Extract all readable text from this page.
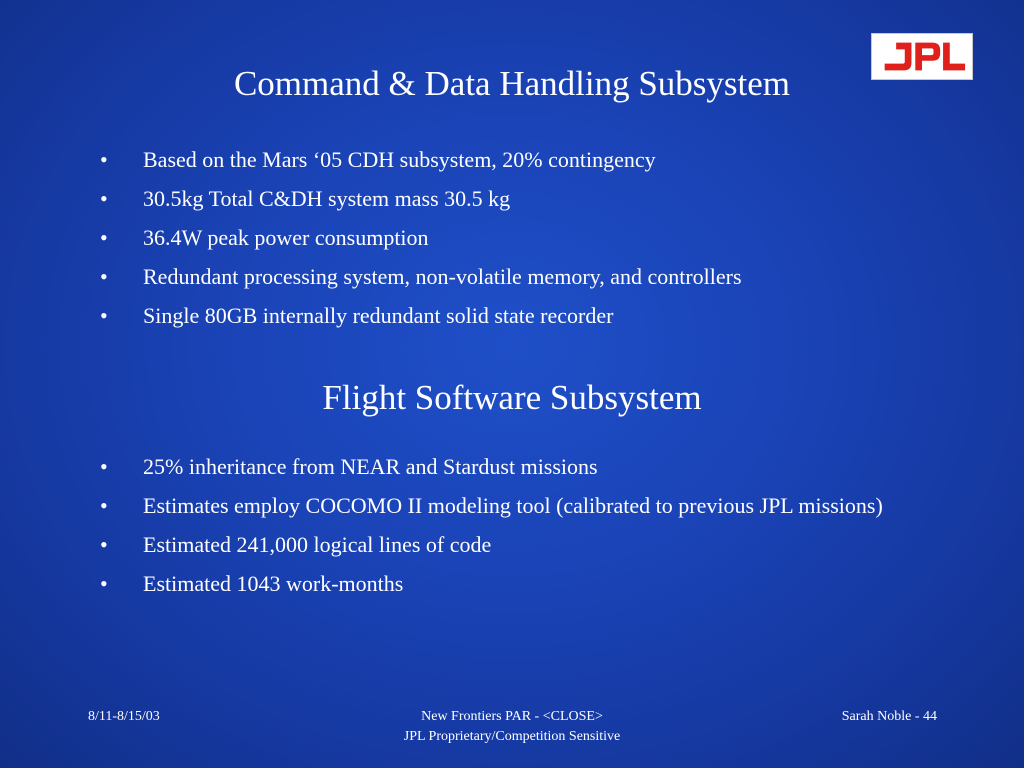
Command & Data Handling Subsystem
• Based on the Mars ‘05 CDH subsystem, 20% contingency
• 30.5kg Total C&DH system mass 30.5 kg
• 36.4W peak power consumption
• Redundant processing system, non-volatile memory, and controllers
• Single 80GB internally redundant solid state recorder
Flight Software Subsystem
• 25% inheritance from NEAR and Stardust missions
• Estimates employ COCOMO II modeling tool (calibrated to previous JPL missions)
• Estimated 241,000 logical lines of code
• Estimated 1043 work-months
8/11-8/15/03	New Frontiers PAR - <CLOSE>
JPL Proprietary/Competition Sensitive
Sarah Noble - 44
